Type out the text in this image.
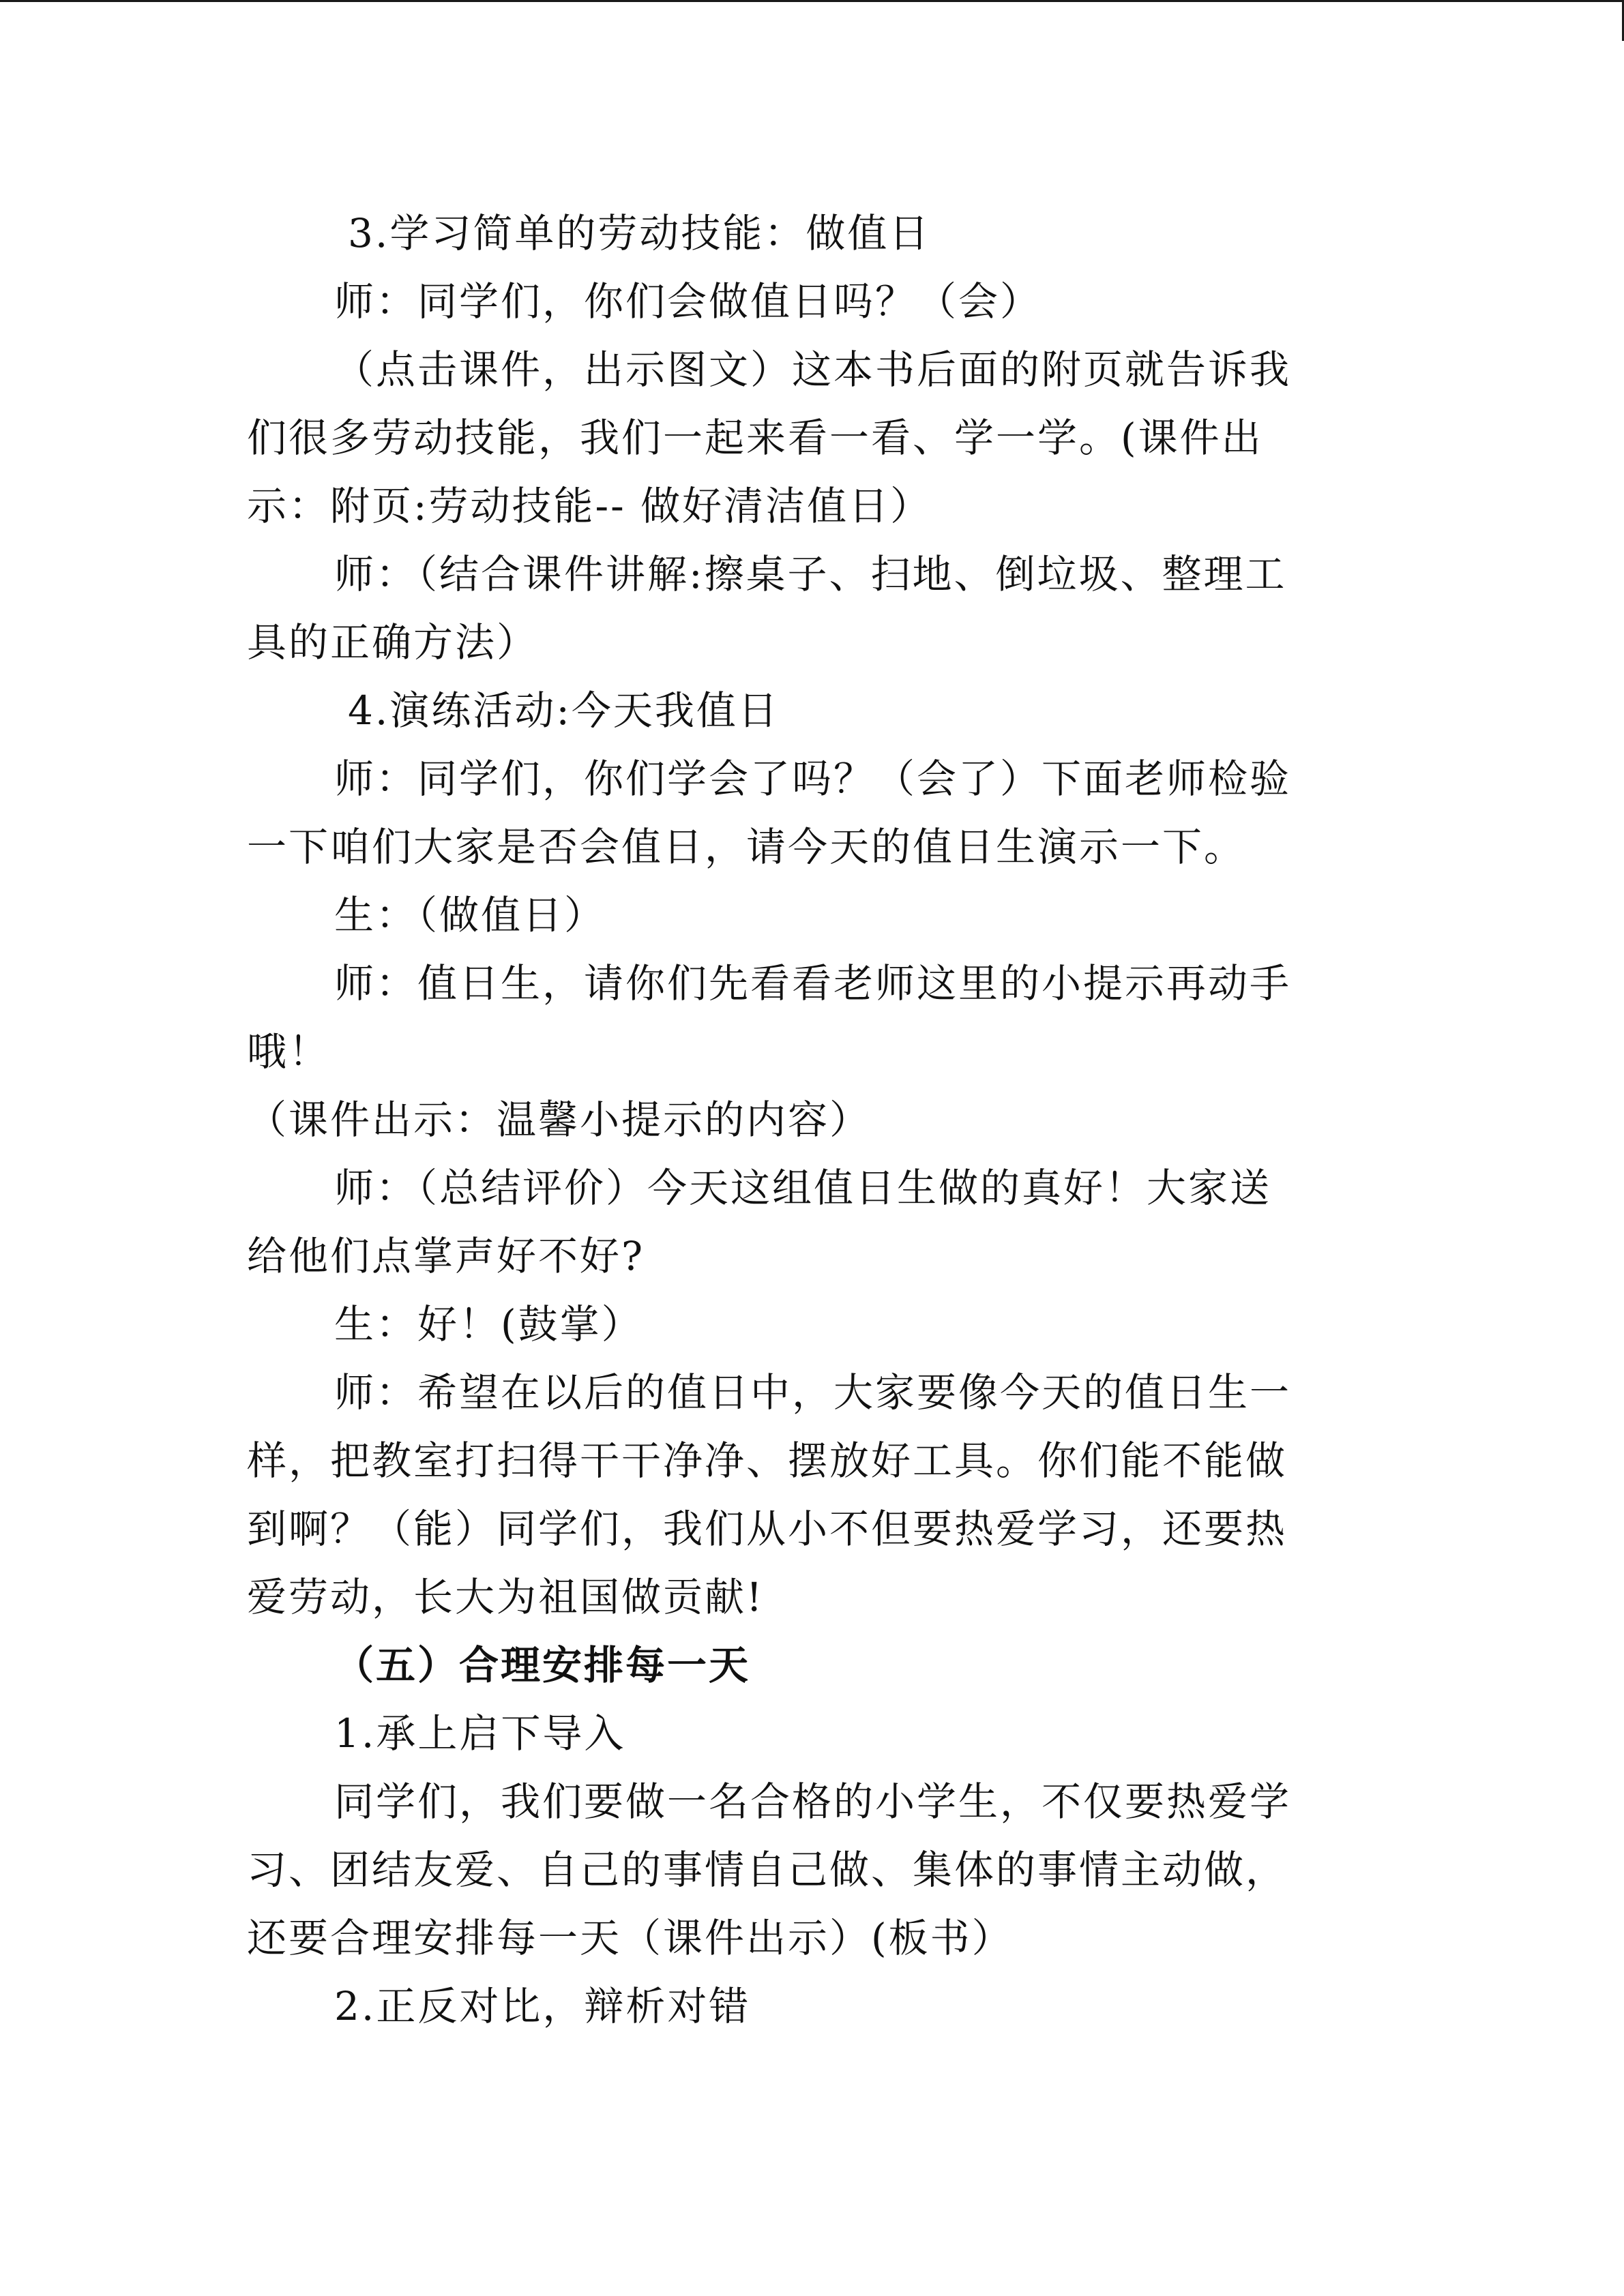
3.学习简单的劳动技能：做值日

师：同学们，你们会做值日吗？（会）

（点击课件，出示图文）这本书后面的附页就告诉我

们很多劳动技能，我们一起来看一看、学一学。(课件出

示：附页:劳动技能-- 做好清洁值日）

师：（结合课件讲解:擦桌子、扫地、倒垃圾、整理工

具的正确方法）

4.演练活动:今天我值日

师：同学们，你们学会了吗？（会了）下面老师检验

一下咱们大家是否会值日，请今天的值日生演示一下。

生：（做值日）

师：值日生，请你们先看看老师这里的小提示再动手

哦！

（课件出示：温馨小提示的内容）

师：（总结评价）今天这组值日生做的真好！大家送

给他们点掌声好不好?

生：好！(鼓掌）

师：希望在以后的值日中，大家要像今天的值日生一

样，把教室打扫得干干净净、摆放好工具。你们能不能做

到啊？（能）同学们，我们从小不但要热爱学习，还要热

爱劳动，长大为祖国做贡献!

（五）合理安排每一天

1.承上启下导入

同学们，我们要做一名合格的小学生，不仅要热爱学

习、团结友爱、自己的事情自己做、集体的事情主动做，

还要合理安排每一天（课件出示）(板书）

2.正反对比，辩析对错
